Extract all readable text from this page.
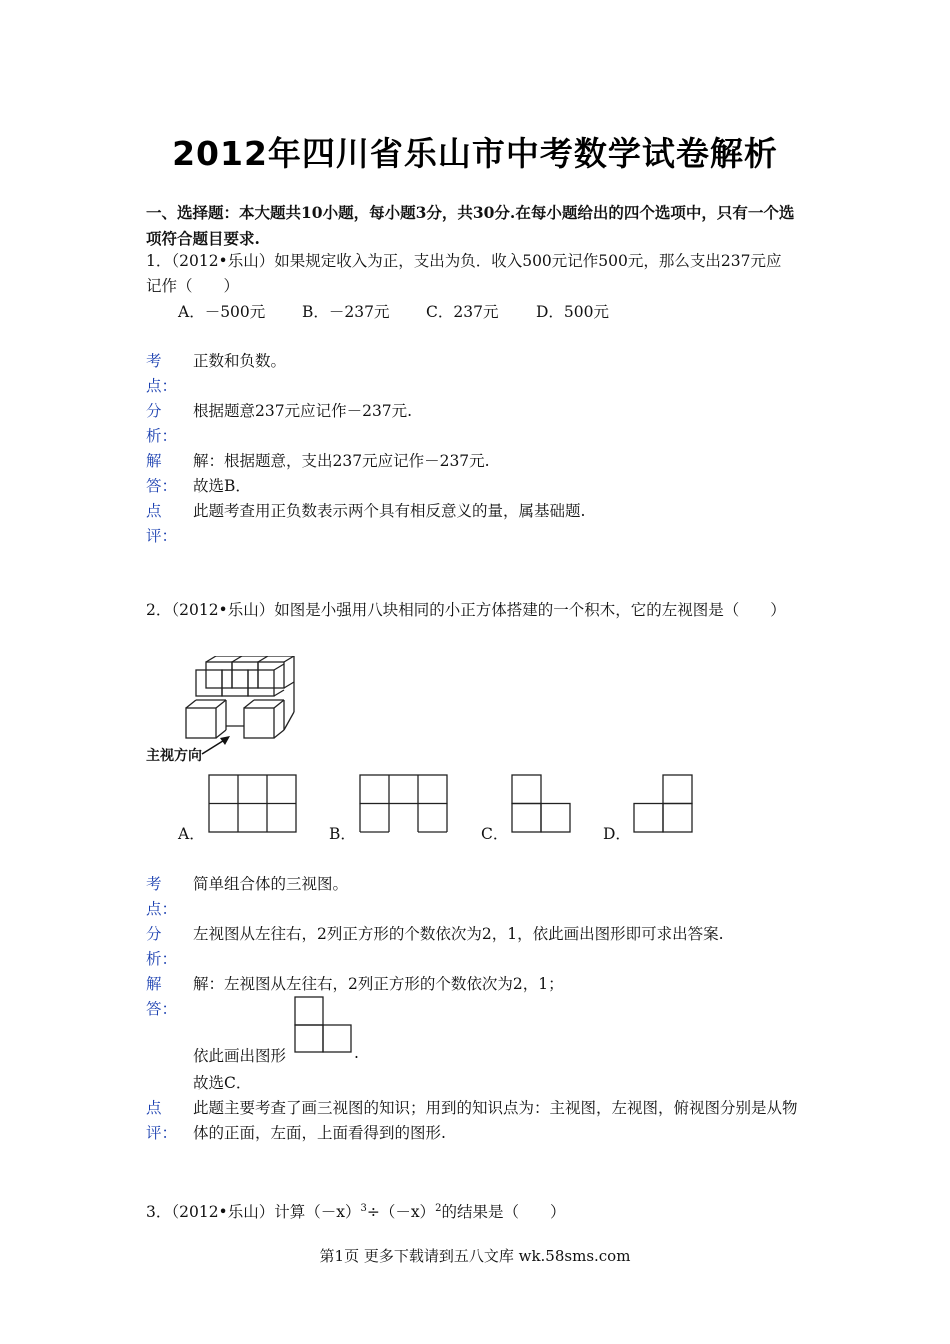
2012年四川省乐山市中考数学试卷解析
一、选择题：本大题共10小题，每小题3分，共30分.在每小题给出的四个选项中，只有一个选项符合题目要求.
1．（2012•乐山）如果规定收入为正，支出为负．收入500元记作500元，那么支出237元应记作（　　）
A．－500元 B．－237元 C．237元 D．500元
考
点：
正数和负数。
分
析：
根据题意237元应记作－237元.
解
答：
解：根据题意，支出237元应记作－237元.
故选B．
点
评：
此题考查用正负数表示两个具有相反意义的量，属基础题.
2．（2012•乐山）如图是小强用八块相同的小正方体搭建的一个积木，它的左视图是（　　）
主视方向
A．	B．	C．	D．
考
点：
简单组合体的三视图。
分
析：
左视图从左往右，2列正方形的个数依次为2，1，依此画出图形即可求出答案.
解
答：
解：左视图从左往右，2列正方形的个数依次为2，1；
依此画出图形	.
故选C．
点
评：
此题主要考查了画三视图的知识；用到的知识点为：主视图，左视图，俯视图分别是从物体的正面，左面，上面看得到的图形.
3．（2012•乐山）计算$(-x)^3\div(-x)^2$的结果是（　　）
第1页 更多下载请到五八文库 wk.58sms.com
